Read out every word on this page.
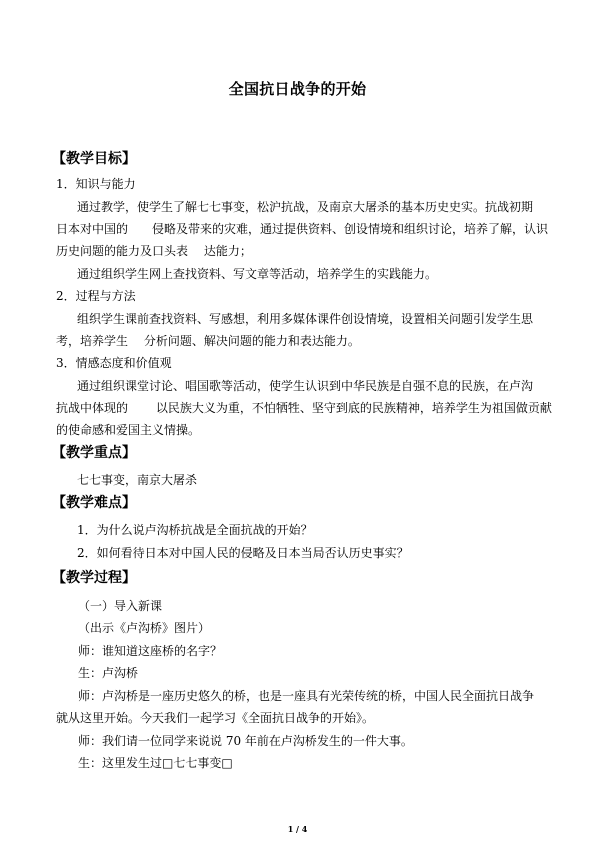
全国抗日战争的开始
【教学目标】
1．知识与能力
通过教学，使学生了解七七事变，松沪抗战，及南京大屠杀的基本历史史实。抗战初期
日本对中国的　　侵略及带来的灾难，通过提供资料、创设情境和组织讨论，培养了解，认识
历史问题的能力及口头表　 达能力；
通过组织学生网上查找资料、写文章等活动，培养学生的实践能力。
2．过程与方法
组织学生课前查找资料、写感想，利用多媒体课件创设情境，设置相关问题引发学生思
考，培养学生　 分析问题、解决问题的能力和表达能力。
3．情感态度和价值观
通过组织课堂讨论、唱国歌等活动，使学生认识到中华民族是自强不息的民族，在卢沟
抗战中体现的　　 以民族大义为重，不怕牺牲、坚守到底的民族精神，培养学生为祖国做贡献
的使命感和爱国主义情操。
【教学重点】
七七事变，南京大屠杀
【教学难点】
1．为什么说卢沟桥抗战是全面抗战的开始？
2．如何看待日本对中国人民的侵略及日本当局否认历史事实？
【教学过程】
（一）导入新课
（出示《卢沟桥》图片）
师：谁知道这座桥的名字？
生：卢沟桥
师：卢沟桥是一座历史悠久的桥，也是一座具有光荣传统的桥，中国人民全面抗日战争
就从这里开始。今天我们一起学习《全面抗日战争的开始》。
师：我们请一位同学来说说 70 年前在卢沟桥发生的一件大事。
生：这里发生过□七七事变□
1 / 4
